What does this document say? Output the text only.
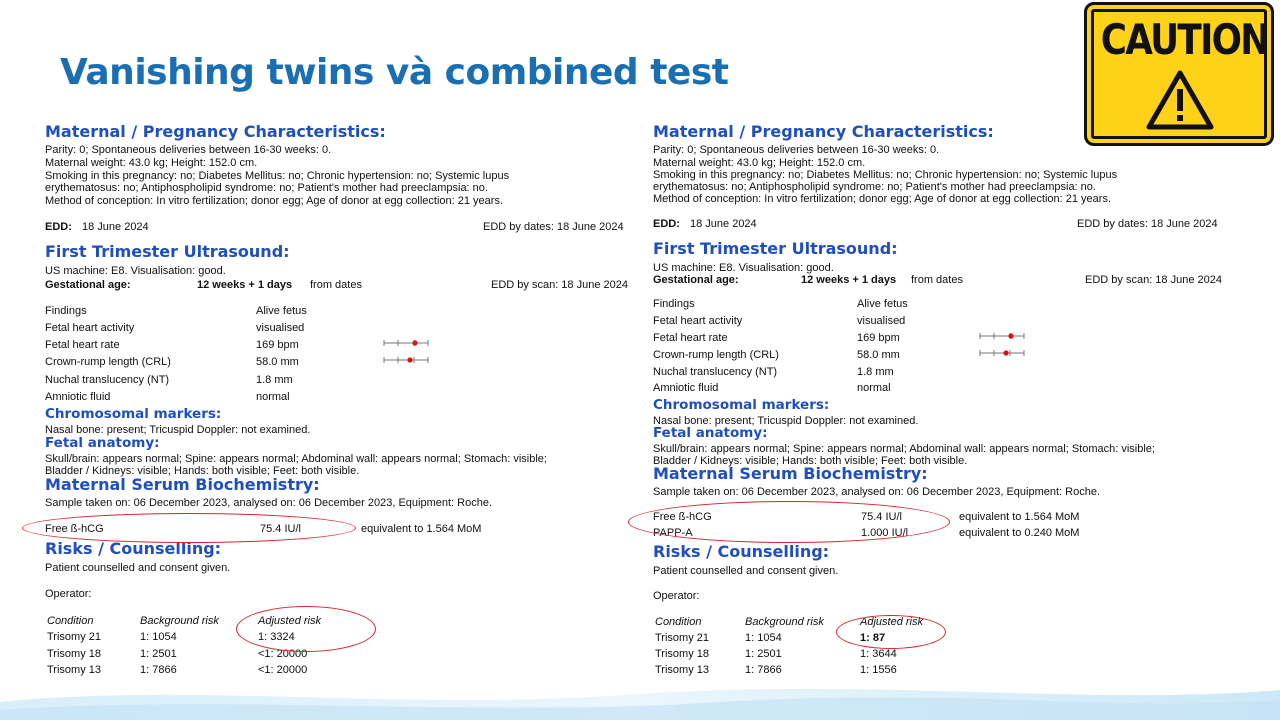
Vanishing twins và combined test
CAUTION
Maternal / Pregnancy Characteristics:
Parity: 0; Spontaneous deliveries between 16-30 weeks: 0.
Maternal weight: 43.0 kg; Height: 152.0 cm.
Smoking in this pregnancy: no; Diabetes Mellitus: no; Chronic hypertension: no; Systemic lupus
erythematosus: no; Antiphospholipid syndrome: no; Patient's mother had preeclampsia: no.
Method of conception: In vitro fertilization; donor egg; Age of donor at egg collection: 21 years.
EDD: 18 June 2024	EDD by dates: 18 June 2024
First Trimester Ultrasound:
US machine: E8. Visualisation: good.
Gestational age:	12 weeks + 1 days from dates	EDD by scan: 18 June 2024
Findings	Alive fetus
Fetal heart activity	visualised
Fetal heart rate	169 bpm
Crown-rump length (CRL)	58.0 mm
Nuchal translucency (NT)	1.8 mm
Amniotic fluid	normal
Chromosomal markers:
Nasal bone: present; Tricuspid Doppler: not examined.
Fetal anatomy:
Skull/brain: appears normal; Spine: appears normal; Abdominal wall: appears normal; Stomach: visible;
Bladder / Kidneys: visible; Hands: both visible; Feet: both visible.
Maternal Serum Biochemistry:
Sample taken on: 06 December 2023, analysed on: 06 December 2023, Equipment: Roche.
Free ß-hCG	75.4 IU/l	equivalent to 1.564 MoM
Risks / Counselling:
Patient counselled and consent given.
Operator:
Condition	Background risk	Adjusted risk
Trisomy 21	1: 1054	1: 3324
Trisomy 18	1: 2501	<1: 20000
Trisomy 13	1: 7866	<1: 20000
Maternal / Pregnancy Characteristics:
Parity: 0; Spontaneous deliveries between 16-30 weeks: 0.
Maternal weight: 43.0 kg; Height: 152.0 cm.
Smoking in this pregnancy: no; Diabetes Mellitus: no; Chronic hypertension: no; Systemic lupus
erythematosus: no; Antiphospholipid syndrome: no; Patient's mother had preeclampsia: no.
Method of conception: In vitro fertilization; donor egg; Age of donor at egg collection: 21 years.
EDD: 18 June 2024	EDD by dates: 18 June 2024
First Trimester Ultrasound:
US machine: E8. Visualisation: good.
Gestational age:	12 weeks + 1 days from dates	EDD by scan: 18 June 2024
Findings	Alive fetus
Fetal heart activity	visualised
Fetal heart rate	169 bpm
Crown-rump length (CRL)	58.0 mm
Nuchal translucency (NT)	1.8 mm
Amniotic fluid	normal
Chromosomal markers:
Nasal bone: present; Tricuspid Doppler: not examined.
Fetal anatomy:
Skull/brain: appears normal; Spine: appears normal; Abdominal wall: appears normal; Stomach: visible;
Bladder / Kidneys: visible; Hands: both visible; Feet: both visible.
Maternal Serum Biochemistry:
Sample taken on: 06 December 2023, analysed on: 06 December 2023, Equipment: Roche.
Free ß-hCG	75.4 IU/l	equivalent to 1.564 MoM
PAPP-A	1.000 IU/l	equivalent to 0.240 MoM
Risks / Counselling:
Patient counselled and consent given.
Operator:
Condition	Background risk	Adjusted risk
Trisomy 21	1: 1054	1: 87
Trisomy 18	1: 2501	1: 3644
Trisomy 13	1: 7866	1: 1556
